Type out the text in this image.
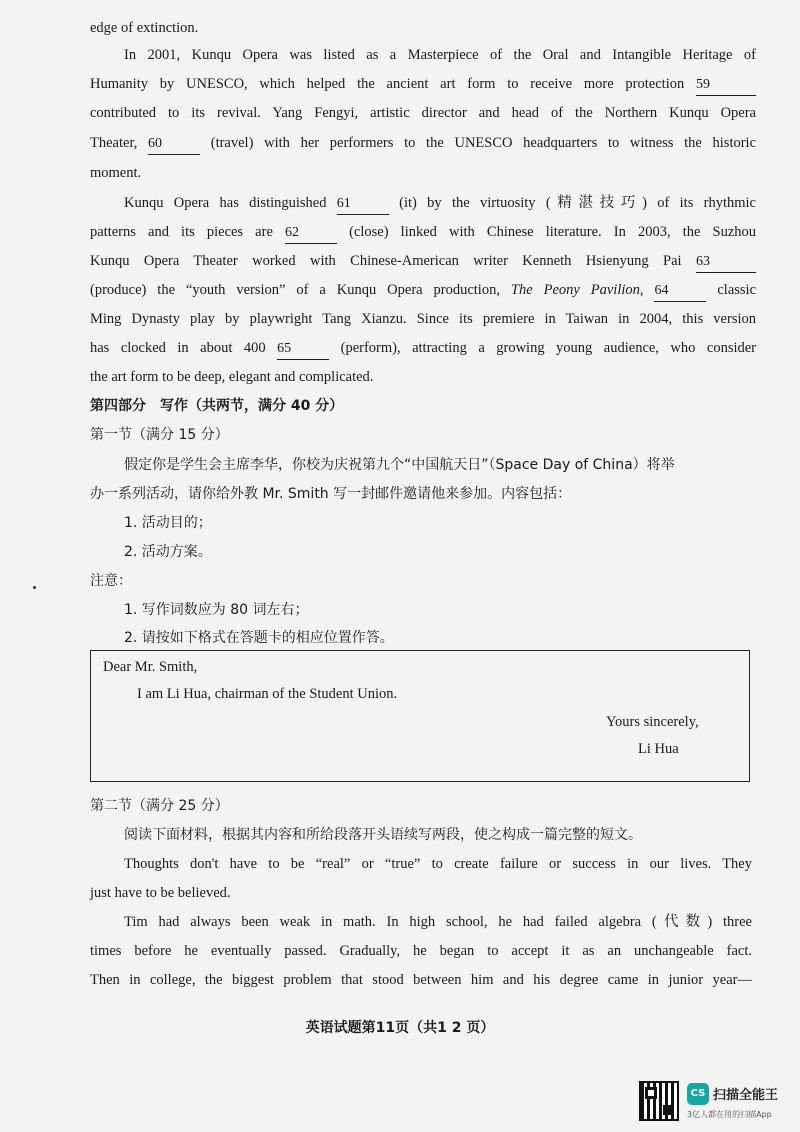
edge of extinction.
In 2001, Kunqu Opera was listed as a Masterpiece of the Oral and Intangible Heritage of
Humanity by UNESCO, which helped the ancient art form to receive more protection 59
contributed to its revival. Yang Fengyi, artistic director and head of the Northern Kunqu Opera
Theater, 60	(travel) with her performers to the UNESCO headquarters to witness the historic
moment.
Kunqu Opera has distinguished 61	(it) by the virtuosity (精湛技巧) of its rhythmic
patterns and its pieces are 62	(close) linked with Chinese literature. In 2003, the Suzhou
Kunqu Opera Theater worked with Chinese-American writer Kenneth Hsienyung Pai 63
(produce) the “youth version” of a Kunqu Opera production, The Peony Pavilion, 64	classic
Ming Dynasty play by playwright Tang Xianzu. Since its premiere in Taiwan in 2004, this version
has clocked in about 400 65	(perform), attracting a growing young audience, who consider
the art form to be deep, elegant and complicated.
第四部分　写作（共两节，满分 40 分）
第一节（满分 15 分）
假定你是学生会主席李华，你校为庆祝第九个“中国航天日”（Space Day of China）将举
办一系列活动，请你给外教 Mr. Smith 写一封邮件邀请他来参加。内容包括：
1. 活动目的；
2. 活动方案。
注意：
1. 写作词数应为 80 词左右；
2. 请按如下格式在答题卡的相应位置作答。
Dear Mr. Smith,
I am Li Hua, chairman of the Student Union.
Yours sincerely,
Li Hua
第二节（满分 25 分）
阅读下面材料，根据其内容和所给段落开头语续写两段，使之构成一篇完整的短文。
Thoughts don't have to be “real” or “true” to create failure or success in our lives. They
just have to be believed.
Tim had always been weak in math. In high school, he had failed algebra (代数) three
times before he eventually passed. Gradually, he began to accept it as an unchangeable fact.
Then in college, the biggest problem that stood between him and his degree came in junior year—
英语试题第11页（共1 2 页）
CS 扫描全能王
3亿人都在用的扫描App
